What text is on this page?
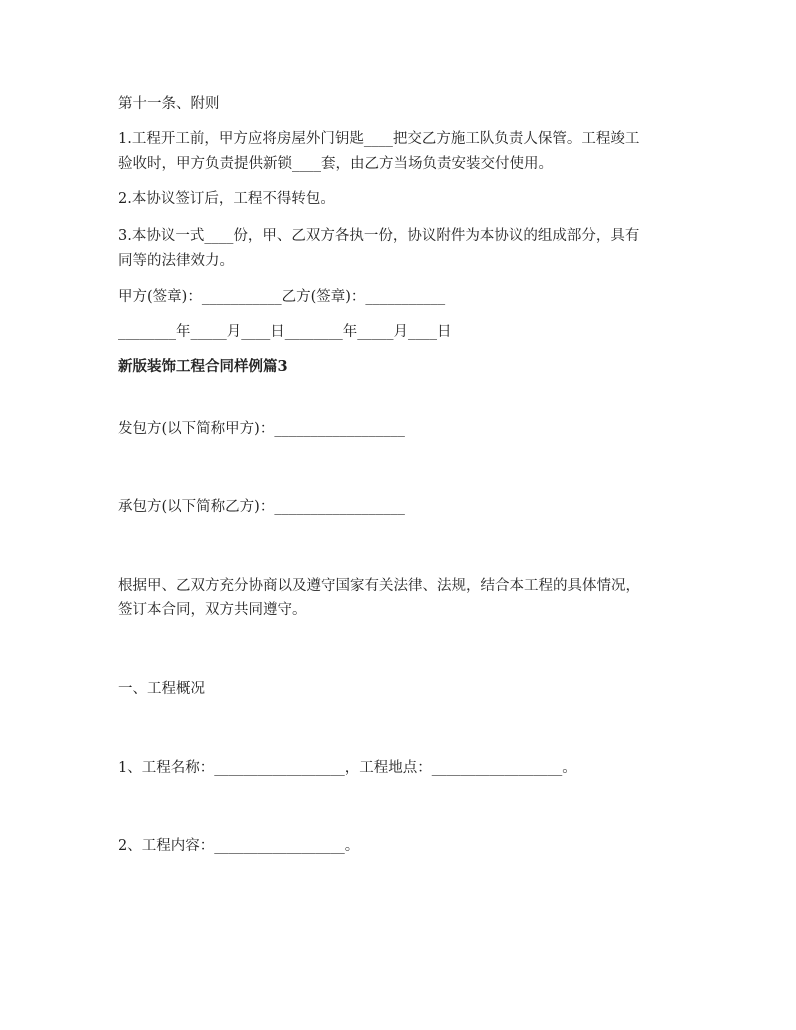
第十一条、附则
1.工程开工前，甲方应将房屋外门钥匙____把交乙方施工队负责人保管。工程竣工
验收时，甲方负责提供新锁____套，由乙方当场负责安装交付使用。
2.本协议签订后，工程不得转包。
3.本协议一式____份，甲、乙双方各执一份，协议附件为本协议的组成部分，具有
同等的法律效力。
甲方(签章)：___________乙方(签章)：___________
________年_____月____日________年_____月____日
新版装饰工程合同样例篇3
发包方(以下简称甲方)：__________________
承包方(以下简称乙方)：__________________
根据甲、乙双方充分协商以及遵守国家有关法律、法规，结合本工程的具体情况，
签订本合同，双方共同遵守。
一、工程概况
1、工程名称：__________________，工程地点：__________________。
2、工程内容：__________________。
